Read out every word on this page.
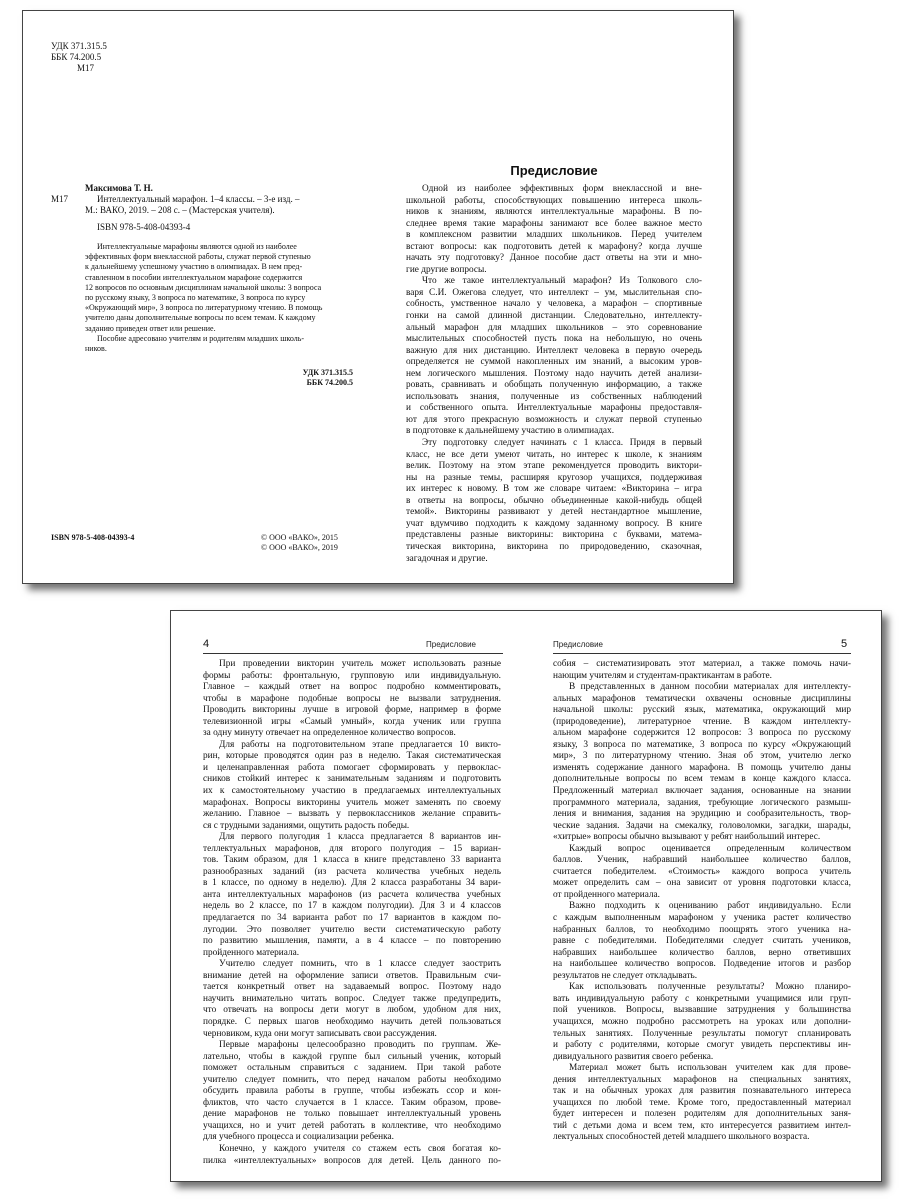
УДК 371.315.5
ББК 74.200.5
М17
М17
Максимова Т. Н.
Интеллектуальный марафон. 1–4 классы. – 3-е изд. –
М.: ВАКО, 2019. – 208 с. – (Мастерская учителя).
ISBN 978-5-408-04393-4
Интеллектуальные марафоны являются одной из наиболее
эффективных форм внеклассной работы, служат первой ступенью
к дальнейшему успешному участию в олимпиадах. В нем пред-
ставленном в пособии интеллектуальном марафоне содержится
12 вопросов по основным дисциплинам начальной школы: 3 вопроса
по русскому языку, 3 вопроса по математике, 3 вопроса по курсу
«Окружающий мир», 3 вопроса по литературному чтению. В помощь
учителю даны дополнительные вопросы по всем темам. К каждому
заданию приведен ответ или решение.
Пособие адресовано учителям и родителям младших школь-
ников.
УДК 371.315.5
ББК 74.200.5
ISBN 978-5-408-04393-4	© ООО «ВАКО», 2015
© ООО «ВАКО», 2019
Предисловие
Одной из наиболее эффективных форм внеклассной и вне-
школьной работы, способствующих повышению интереса школь-
ников к знаниям, являются интеллектуальные марафоны. В по-
следнее время такие марафоны занимают все более важное место
в комплексном развитии младших школьников. Перед учителем
встают вопросы: как подготовить детей к марафону? когда лучше
начать эту подготовку? Данное пособие даст ответы на эти и мно-
гие другие вопросы.
Что же такое интеллектуальный марафон? Из Толкового сло-
варя С.И. Ожегова следует, что интеллект – ум, мыслительная спо-
собность, умственное начало у человека, а марафон – спортивные
гонки на самой длинной дистанции. Следовательно, интеллекту-
альный марафон для младших школьников – это соревнование
мыслительных способностей пусть пока на небольшую, но очень
важную для них дистанцию. Интеллект человека в первую очередь
определяется не суммой накопленных им знаний, а высоким уров-
нем логического мышления. Поэтому надо научить детей анализи-
ровать, сравнивать и обобщать полученную информацию, а также
использовать знания, полученные из собственных наблюдений
и собственного опыта. Интеллектуальные марафоны предоставля-
ют для этого прекрасную возможность и служат первой ступенью
в подготовке к дальнейшему участию в олимпиадах.
Эту подготовку следует начинать с 1 класса. Придя в первый
класс, не все дети умеют читать, но интерес к школе, к знаниям
велик. Поэтому на этом этапе рекомендуется проводить виктори-
ны на разные темы, расширяя кругозор учащихся, поддерживая
их интерес к новому. В том же словаре читаем: «Викторина – игра
в ответы на вопросы, обычно объединенные какой-нибудь общей
темой». Викторины развивают у детей нестандартное мышление,
учат вдумчиво подходить к каждому заданному вопросу. В книге
представлены разные викторины: викторина с буквами, матема-
тическая викторина, викторина по природоведению, сказочная,
загадочная и другие.
4	Предисловие	Предисловие	5
При проведении викторин учитель может использовать разные
формы работы: фронтальную, групповую или индивидуальную.
Главное – каждый ответ на вопрос подробно комментировать,
чтобы в марафоне подобные вопросы не вызвали затруднения.
Проводить викторины лучше в игровой форме, например в форме
телевизионной игры «Самый умный», когда ученик или группа
за одну минуту отвечает на определенное количество вопросов.
Для работы на подготовительном этапе предлагается 10 викто-
рин, которые проводятся один раз в неделю. Такая систематическая
и целенаправленная работа помогает сформировать у первоклас-
сников стойкий интерес к занимательным заданиям и подготовить
их к самостоятельному участию в предлагаемых интеллектуальных
марафонах. Вопросы викторины учитель может заменять по своему
желанию. Главное – вызвать у первоклассников желание справить-
ся с трудными заданиями, ощутить радость победы.
Для первого полугодия 1 класса предлагается 8 вариантов ин-
теллектуальных марафонов, для второго полугодия – 15 вариан-
тов. Таким образом, для 1 класса в книге представлено 33 варианта
разнообразных заданий (из расчета количества учебных недель
в 1 классе, по одному в неделю). Для 2 класса разработаны 34 вари-
анта интеллектуальных марафонов (из расчета количества учебных
недель во 2 классе, по 17 в каждом полугодии). Для 3 и 4 классов
предлагается по 34 варианта работ по 17 вариантов в каждом по-
лугодии. Это позволяет учителю вести систематическую работу
по развитию мышления, памяти, а в 4 классе – по повторению
пройденного материала.
Учителю следует помнить, что в 1 классе следует заострить
внимание детей на оформление записи ответов. Правильным счи-
тается конкретный ответ на задаваемый вопрос. Поэтому надо
научить внимательно читать вопрос. Следует также предупредить,
что отвечать на вопросы дети могут в любом, удобном для них,
порядке. С первых шагов необходимо научить детей пользоваться
черновиком, куда они могут записывать свои рассуждения.
Первые марафоны целесообразно проводить по группам. Же-
лательно, чтобы в каждой группе был сильный ученик, который
поможет остальным справиться с заданием. При такой работе
учителю следует помнить, что перед началом работы необходимо
обсудить правила работы в группе, чтобы избежать ссор и кон-
фликтов, что часто случается в 1 классе. Таким образом, прове-
дение марафонов не только повышает интеллектуальный уровень
учащихся, но и учит детей работать в коллективе, что необходимо
для учебного процесса и социализации ребенка.
Конечно, у каждого учителя со стажем есть своя богатая ко-
пилка «интеллектуальных» вопросов для детей. Цель данного по-
собия – систематизировать этот материал, а также помочь начи-
нающим учителям и студентам-практикантам в работе.
В представленных в данном пособии материалах для интеллекту-
альных марафонов тематически охвачены основные дисциплины
начальной школы: русский язык, математика, окружающий мир
(природоведение), литературное чтение. В каждом интеллекту-
альном марафоне содержится 12 вопросов: 3 вопроса по русскому
языку, 3 вопроса по математике, 3 вопроса по курсу «Окружающий
мир», 3 по литературному чтению. Зная об этом, учителю легко
изменять содержание данного марафона. В помощь учителю даны
дополнительные вопросы по всем темам в конце каждого класса.
Предложенный материал включает задания, основанные на знании
программного материала, задания, требующие логического размыш-
ления и внимания, задания на эрудицию и сообразительность, твор-
ческие задания. Задачи на смекалку, головоломки, загадки, шарады,
«хитрые» вопросы обычно вызывают у ребят наибольший интерес.
Каждый вопрос оценивается определенным количеством
баллов. Ученик, набравший наибольшее количество баллов,
считается победителем. «Стоимость» каждого вопроса учитель
может определить сам – она зависит от уровня подготовки класса,
от пройденного материала.
Важно подходить к оцениванию работ индивидуально. Если
с каждым выполненным марафоном у ученика растет количество
набранных баллов, то необходимо поощрять этого ученика на-
равне с победителями. Победителями следует считать учеников,
набравших наибольшее количество баллов, верно ответивших
на наибольшее количество вопросов. Подведение итогов и разбор
результатов не следует откладывать.
Как использовать полученные результаты? Можно планиро-
вать индивидуальную работу с конкретными учащимися или груп-
пой учеников. Вопросы, вызвавшие затруднения у большинства
учащихся, можно подробно рассмотреть на уроках или дополни-
тельных занятиях. Полученные результаты помогут спланировать
и работу с родителями, которые смогут увидеть перспективы ин-
дивидуального развития своего ребенка.
Материал может быть использован учителем как для прове-
дения интеллектуальных марафонов на специальных занятиях,
так и на обычных уроках для развития познавательного интереса
учащихся по любой теме. Кроме того, предоставленный материал
будет интересен и полезен родителям для дополнительных заня-
тий с детьми дома и всем тем, кто интересуется развитием интел-
лектуальных способностей детей младшего школьного возраста.
